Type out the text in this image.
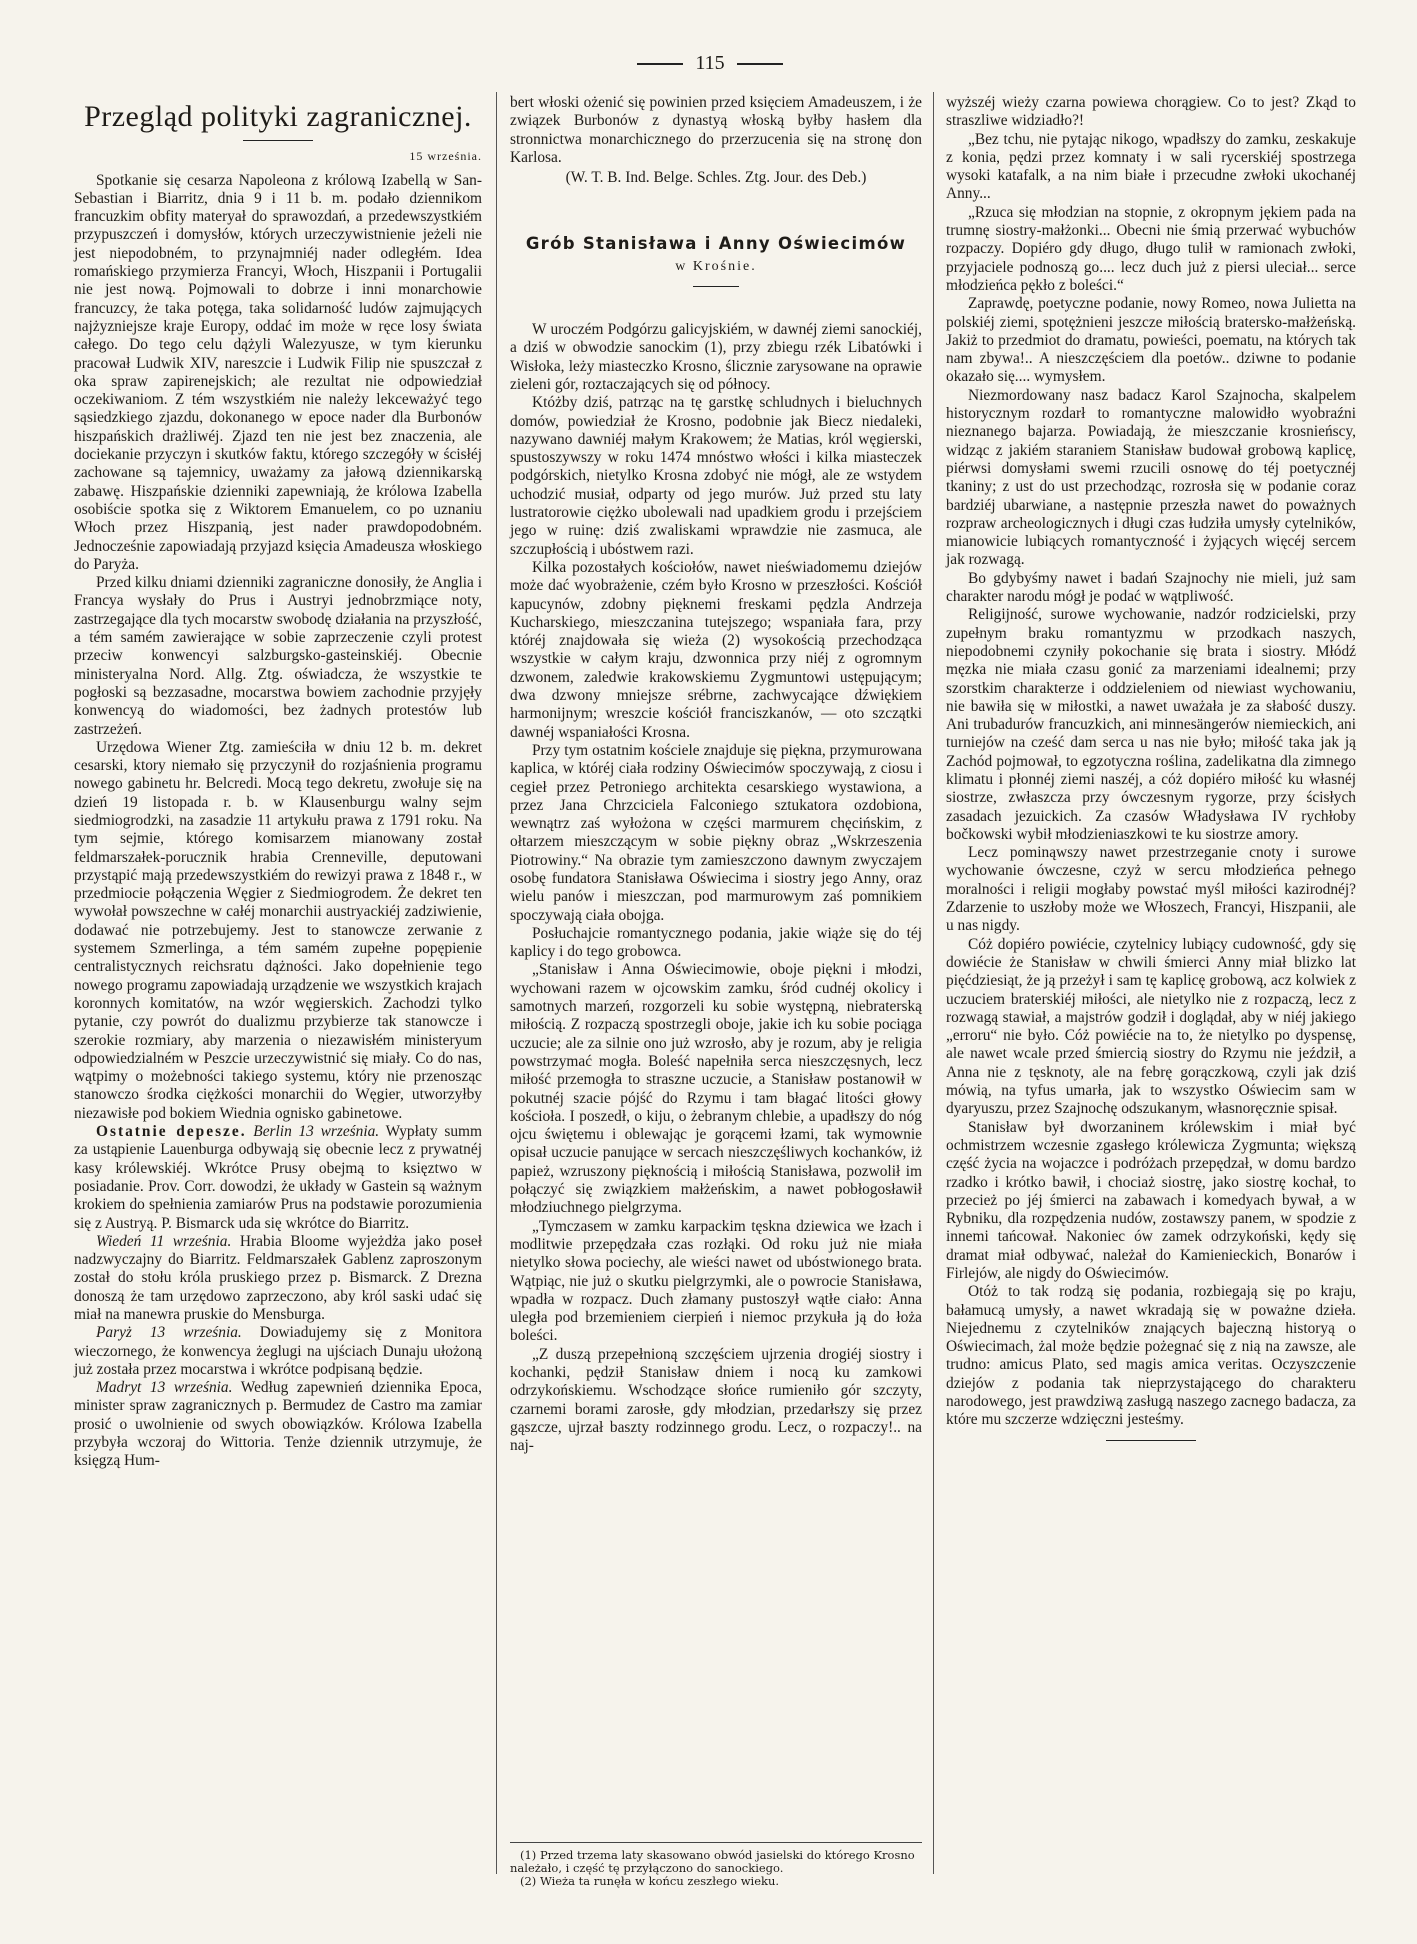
115
Przegląd polityki zagranicznej.
15 września.

Spotkanie się cesarza Napoleona z królową Izabellą w San-Sebastian i Biarritz, dnia 9 i 11 b. m. podało dziennikom francuzkim obfity materyał do sprawozdań, a przedewszystkiém przypuszczeń i domysłów, których urzeczywistnienie jeżeli nie jest niepodobném, to przynajmniéj nader odległém. Idea romańskiego przymierza Francyi, Włoch, Hiszpanii i Portugalii nie jest nową. Pojmowali to dobrze i inni monarchowie francuzcy, że taka potęga, taka solidarność ludów zajmujących najżyzniejsze kraje Europy, oddać im może w ręce losy świata całego. Do tego celu dążyli Walezyusze, w tym kierunku pracował Ludwik XIV, nareszcie i Ludwik Filip nie spuszczał z oka spraw zapirenejskich; ale rezultat nie odpowiedział oczekiwaniom. Z tém wszystkiém nie należy lekceważyć tego sąsiedzkiego zjazdu, dokonanego w epoce nader dla Burbonów hiszpańskich drażliwéj. Zjazd ten nie jest bez znaczenia, ale dociekanie przyczyn i skutków faktu, którego szczegóły w ścisłéj zachowane są tajemnicy, uważamy za jałową dziennikarską zabawę. Hiszpańskie dzienniki zapewniają, że królowa Izabella osobiście spotka się z Wiktorem Emanuelem, co po uznaniu Włoch przez Hiszpanią, jest nader prawdopodobném. Jednocześnie zapowiadają przyjazd księcia Amadeusza włoskiego do Paryża.

Przed kilku dniami dzienniki zagraniczne donosiły, że Anglia i Francya wysłały do Prus i Austryi jednobrzmiące noty, zastrzegające dla tych mocarstw swobodę działania na przyszłość, a tém samém zawierające w sobie zaprzeczenie czyli protest przeciw konwencyi salzburgsko-gasteinskiéj. Obecnie ministeryalna Nord. Allg. Ztg. oświadcza, że wszystkie te pogłoski są bezzasadne, mocarstwa bowiem zachodnie przyjęły konwencyą do wiadomości, bez żadnych protestów lub zastrzeżeń.

Urzędowa Wiener Ztg. zamieściła w dniu 12 b. m. dekret cesarski, ktory niemało się przyczynił do rozjaśnienia programu nowego gabinetu hr. Belcredi. Mocą tego dekretu, zwołuje się na dzień 19 listopada r. b. w Klausenburgu walny sejm siedmiogrodzki, na zasadzie 11 artykułu prawa z 1791 roku. Na tym sejmie, którego komisarzem mianowany został feldmarszałek-porucznik hrabia Crenneville, deputowani przystąpić mają przedewszystkiém do rewizyi prawa z 1848 r., w przedmiocie połączenia Węgier z Siedmiogrodem. Że dekret ten wywołał powszechne w całéj monarchii austryackiéj zadziwienie, dodawać nie potrzebujemy. Jest to stanowcze zerwanie z systemem Szmerlinga, a tém samém zupełne popępienie centralistycznych reichsratu dążności. Jako dopełnienie tego nowego programu zapowiadają urządzenie we wszystkich krajach koronnych komitatów, na wzór węgierskich. Zachodzi tylko pytanie, czy powrót do dualizmu przybierze tak stanowcze i szerokie rozmiary, aby marzenia o niezawisłém ministeryum odpowiedzialném w Peszcie urzeczywistnić się miały. Co do nas, wątpimy o możebności takiego systemu, który nie przenosząc stanowczo środka ciężkości monarchii do Węgier, utworzyłby niezawisłe pod bokiem Wiednia ognisko gabinetowe.

Ostatnie depesze. Berlin 13 września. Wypłaty summ za ustąpienie Lauenburga odbywają się obecnie lecz z prywatnéj kasy królewskiéj. Wkrótce Prusy obejmą to księztwo w posiadanie. Prov. Corr. dowodzi, że układy w Gastein są ważnym krokiem do spełnienia zamiarów Prus na podstawie porozumienia się z Austryą. P. Bismarck uda się wkrótce do Biarritz.

Wiedeń 11 września. Hrabia Bloome wyjeżdża jako poseł nadzwyczajny do Biarritz. Feldmarszałek Gablenz zaproszonym został do stołu króla pruskiego przez p. Bismarck. Z Drezna donoszą że tam urzędowo zaprzeczono, aby król saski udać się miał na manewra pruskie do Mensburga.

Paryż 13 września. Dowiadujemy się z Monitora wieczornego, że konwencya żeglugi na ujściach Dunaju ułożoną już została przez mocarstwa i wkrótce podpisaną będzie.

Madryt 13 września. Według zapewnień dziennika Epoca, minister spraw zagranicznych p. Bermudez de Castro ma zamiar prosić o uwolnienie od swych obowiązków. Królowa Izabella przybyła wczoraj do Wittoria. Tenże dziennik utrzymuje, że księgzą Hum-

bert włoski ożenić się powinien przed księciem Amadeuszem, i że związek Burbonów z dynastyą włoską byłby hasłem dla stronnictwa monarchicznego do przerzucenia się na stronę don Karlosa.

(W. T. B. Ind. Belge. Schles. Ztg. Jour. des Deb.)

Grób Stanisława i Anny Oświecimów
w Krośnie.

W uroczém Podgórzu galicyjskiém, w dawnéj ziemi sanockiéj, a dziś w obwodzie sanockim (1), przy zbiegu rzék Libatówki i Wisłoka, leży miasteczko Krosno, ślicznie zarysowane na oprawie zieleni gór, roztaczających się od północy.

Któżby dziś, patrząc na tę garstkę schludnych i bieluchnych domów, powiedział że Krosno, podobnie jak Biecz niedaleki, nazywano dawniéj małym Krakowem; że Matias, król węgierski, spustoszywszy w roku 1474 mnóstwo włości i kilka miasteczek podgórskich, nietylko Krosna zdobyć nie mógł, ale ze wstydem uchodzić musiał, odparty od jego murów. Już przed stu laty lustratorowie ciężko ubolewali nad upadkiem grodu i przejściem jego w ruinę: dziś zwaliskami wprawdzie nie zasmuca, ale szczupłością i ubóstwem razi.

Kilka pozostałych kościołów, nawet nieświadomemu dziejów może dać wyobrażenie, czém było Krosno w przeszłości. Kościół kapucynów, zdobny pięknemi freskami pędzla Andrzeja Kucharskiego, mieszczanina tutejszego; wspaniała fara, przy któréj znajdowała się wieża (2) wysokością przechodząca wszystkie w całym kraju, dzwonnica przy niéj z ogromnym dzwonem, zaledwie krakowskiemu Zygmuntowi ustępującym; dwa dzwony mniejsze srébrne, zachwycające dźwiękiem harmonijnym; wreszcie kościół franciszkanów, — oto szczątki dawnéj wspaniałości Krosna.

Przy tym ostatnim kościele znajduje się piękna, przymurowana kaplica, w któréj ciała rodziny Oświecimów spoczywają, z ciosu i cegieł przez Petroniego architekta cesarskiego wystawiona, a przez Jana Chrzciciela Falconiego sztukatora ozdobiona, wewnątrz zaś wyłożona w części marmurem chęcińskim, z ołtarzem mieszczącym w sobie piękny obraz „Wskrzeszenia Piotrowiny.“ Na obrazie tym zamieszczono dawnym zwyczajem osobę fundatora Stanisława Oświecima i siostry jego Anny, oraz wielu panów i mieszczan, pod marmurowym zaś pomnikiem spoczywają ciała obojga.

Posłuchajcie romantycznego podania, jakie wiąże się do téj kaplicy i do tego grobowca.

„Stanisław i Anna Oświecimowie, oboje piękni i młodzi, wychowani razem w ojcowskim zamku, śród cudnéj okolicy i samotnych marzeń, rozgorzeli ku sobie występną, niebraterską miłością. Z rozpaczą spostrzegli oboje, jakie ich ku sobie pociąga uczucie; ale za silnie ono już wzrosło, aby je rozum, aby je religia powstrzymać mogła. Boleść napełniła serca nieszczęsnych, lecz miłość przemogła to straszne uczucie, a Stanisław postanowił w pokutnéj szacie pójść do Rzymu i tam błagać litości głowy kościoła. I poszedł, o kiju, o żebranym chlebie, a upadłszy do nóg ojcu świętemu i oblewając je gorącemi łzami, tak wymownie opisał uczucie panujące w sercach nieszczęśliwych kochanków, iż papież, wzruszony pięknością i miłością Stanisława, pozwolił im połączyć się związkiem małżeńskim, a nawet pobłogosławił młodziuchnego pielgrzyma.

„Tymczasem w zamku karpackim tęskna dziewica we łzach i modlitwie przepędzała czas rozłąki. Od roku już nie miała nietylko słowa pociechy, ale wieści nawet od ubóstwionego brata. Wątpiąc, nie już o skutku pielgrzymki, ale o powrocie Stanisława, wpadła w rozpacz. Duch złamany pustoszył wątłe ciało: Anna uległa pod brzemieniem cierpień i niemoc przykuła ją do łoża boleści.

„Z duszą przepełnioną szczęściem ujrzenia drogiéj siostry i kochanki, pędził Stanisław dniem i nocą ku zamkowi odrzykońskiemu. Wschodzące słońce rumieniło gór szczyty, czarnemi borami zarosłe, gdy młodzian, przedarłszy się przez gąszcze, ujrzał baszty rodzinnego grodu. Lecz, o rozpaczy!.. na naj-

(1) Przed trzema laty skasowano obwód jasielski do którego Krosno należało, i część tę przyłączono do sanockiego.
(2) Wieża ta runęła w końcu zeszłego wieku.

wyższéj wieży czarna powiewa chorągiew. Co to jest? Zkąd to straszliwe widziadło?!

„Bez tchu, nie pytając nikogo, wpadłszy do zamku, zeskakuje z konia, pędzi przez komnaty i w sali rycerskiéj spostrzega wysoki katafalk, a na nim białe i przecudne zwłoki ukochanéj Anny...

„Rzuca się młodzian na stopnie, z okropnym jękiem pada na trumnę siostry-małżonki... Obecni nie śmią przerwać wybuchów rozpaczy. Dopiéro gdy długo, długo tulił w ramionach zwłoki, przyjaciele podnoszą go.... lecz duch już z piersi uleciał... serce młodzieńca pękło z boleści.“

Zaprawdę, poetyczne podanie, nowy Romeo, nowa Julietta na polskiéj ziemi, spotężnieni jeszcze miłością bratersko-małżeńską. Jakiż to przedmiot do dramatu, powieści, poematu, na których tak nam zbywa!.. A nieszczęściem dla poetów.. dziwne to podanie okazało się.... wymysłem.

Niezmordowany nasz badacz Karol Szajnocha, skalpelem historycznym rozdarł to romantyczne malowidło wyobraźni nieznanego bajarza. Powiadają, że mieszczanie krosnieńscy, widząc z jakiém staraniem Stanisław budował grobową kaplicę, piérwsi domysłami swemi rzucili osnowę do téj poetycznéj tkaniny; z ust do ust przechodząc, rozrosła się w podanie coraz bardziéj ubarwiane, a następnie przeszła nawet do poważnych rozpraw archeologicznych i długi czas łudziła umysły cytelników, mianowicie lubiących romantyczność i żyjących więcéj sercem jak rozwagą.

Bo gdybyśmy nawet i badań Szajnochy nie mieli, już sam charakter narodu mógł je podać w wątpliwość.

Religijność, surowe wychowanie, nadzór rodzicielski, przy zupełnym braku romantyzmu w przodkach naszych, niepodobnemi czyniły pokochanie się brata i siostry. Młódź męzka nie miała czasu gonić za marzeniami idealnemi; przy szorstkim charakterze i oddzieleniem od niewiast wychowaniu, nie bawiła się w miłostki, a nawet uważała je za słabość duszy. Ani trubadurów francuzkich, ani minnesängerów niemieckich, ani turniejów na cześć dam serca u nas nie było; miłość taka jak ją Zachód pojmował, to egzotyczna roślina, zadelikatna dla zimnego klimatu i płonnéj ziemi naszéj, a cóż dopiéro miłość ku własnéj siostrze, zwłaszcza przy ówczesnym rygorze, przy ścisłych zasadach jezuickich. Za czasów Władysława IV rychłoby bočkowski wybił młodzieniaszkowi te ku siostrze amory.

Lecz pominąwszy nawet przestrzeganie cnoty i surowe wychowanie ówczesne, czyż w sercu młodzieńca pełnego moralności i religii mogłaby powstać myśl miłości kazirodnéj? Zdarzenie to uszłoby może we Włoszech, Francyi, Hiszpanii, ale u nas nigdy.

Cóż dopiéro powiécie, czytelnicy lubiący cudowność, gdy się dowiécie że Stanisław w chwili śmierci Anny miał blizko lat pięćdziesiąt, że ją przeżył i sam tę kaplicę grobową, acz kolwiek z uczuciem braterskiéj miłości, ale nietylko nie z rozpaczą, lecz z rozwagą stawiał, a majstrów godził i doglądał, aby w niéj jakiego „erroru“ nie było. Cóż powiécie na to, że nietylko po dyspensę, ale nawet wcale przed śmiercią siostry do Rzymu nie jeździł, a Anna nie z tęsknoty, ale na febrę gorączkową, czyli jak dziś mówią, na tyfus umarła, jak to wszystko Oświecim sam w dyaryuszu, przez Szajnochę odszukanym, własnoręcznie spisał.

Stanisław był dworzaninem królewskim i miał być ochmistrzem wczesnie zgasłego królewicza Zygmunta; większą część życia na wojaczce i podróżach przepędzał, w domu bardzo rzadko i krótko bawił, i chociaż siostrę, jako siostrę kochał, to przecież po jéj śmierci na zabawach i komedyach bywał, a w Rybniku, dla rozpędzenia nudów, zostawszy panem, w spodzie z innemi tańcował. Nakoniec ów zamek odrzykoński, kędy się dramat miał odbywać, należał do Kamienieckich, Bonarów i Firlejów, ale nigdy do Oświecimów.

Otóż to tak rodzą się podania, rozbiegają się po kraju, bałamucą umysły, a nawet wkradają się w poważne dzieła. Niejednemu z czytelników znających bajeczną historyą o Oświecimach, żal może będzie pożegnać się z nią na zawsze, ale trudno: amicus Plato, sed magis amica veritas. Oczyszczenie dziejów z podania tak nieprzystającego do charakteru narodowego, jest prawdziwą zasługą naszego zacnego badacza, za które mu szczerze wdzięczni jesteśmy.
